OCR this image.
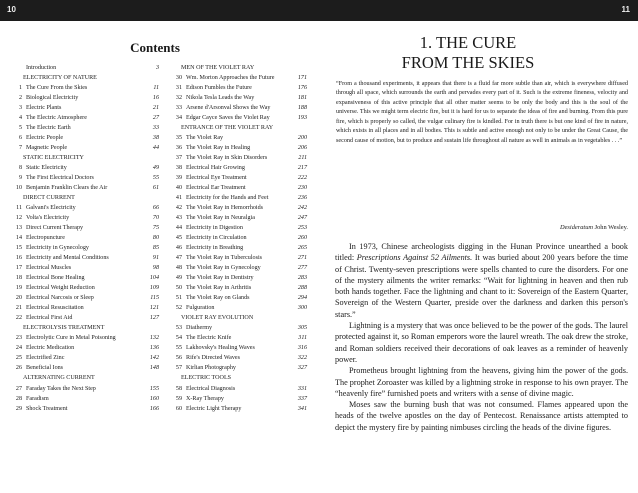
10	11
Contents
Introduction	3
ELECTRICITY OF NATURE
1 The Cure From the Skies	11
2 Biological Electricity	16
3 Electric Plants	21
4 The Electric Atmosphere	27
5 The Electric Earth	33
6 Electric People	38
7 Magnetic People	44
STATIC ELECTRICITY
8 Static Electricity	49
9 The First Electrical Doctors	55
10 Benjamin Franklin Clears the Air	61
DIRECT CURRENT
11 Galvani's Electricity	66
12 Volta's Electricity	70
13 Direct Current Therapy	75
14 Electropuncture	80
15 Electricity in Gynecology	85
16 Electricity and Mental Conditions	91
17 Electrical Muscles	98
18 Electrical Bone Healing	104
19 Electrical Weight Reduction	109
20 Electrical Narcosis or Sleep	115
21 Electrical Resuscitation	121
22 Electrical First Aid	127
ELECTROLYSIS TREATMENT
23 Electrolytic Cure in Metal Poisoning	132
24 Electric Medication	136
25 Electrified Zinc	142
26 Beneficial Ions	148
ALTERNATING CURRENT
27 Faraday Takes the Next Step	155
28 Faradism	160
29 Shock Treatment	166
MEN OF THE VIOLET RAY
30 Wm. Morton Approaches the Future	171
31 Edison Fumbles the Future	176
32 Nikola Tesla Leads the Way	181
33 Arsene d'Arsonval Shows the Way	188
34 Edgar Cayce Saves the Violet Ray	193
ENTRANCE OF THE VIOLET RAY
35 The Violet Ray	200
36 The Violet Ray in Healing	206
37 The Violet Ray in Skin Disorders	211
38 Electrical Hair Growing	217
39 Electrical Eye Treatment	222
40 Electrical Ear Treatment	230
41 Electricity for the Hands and Feet	236
42 The Violet Ray in Hemorrhoids	242
43 The Violet Ray in Neuralgia	247
44 Electricity in Digestion	253
45 Electricity in Circulation	260
46 Electricity in Breathing	265
47 The Violet Ray in Tuberculosis	271
48 The Violet Ray in Gynecology	277
49 The Violet Ray in Dentistry	283
50 The Violet Ray in Arthritis	288
51 The Violet Ray on Glands	294
52 Fulguration	300
VIOLET RAY EVOLUTION
53 Diathermy	305
54 The Electric Knife	311
55 Lakhovsky's Healing Waves	316
56 Rife's Directed Waves	322
57 Kirlian Photography	327
ELECTRIC TOOLS
58 Electrical Diagnosis	331
59 X-Ray Therapy	337
60 Electric Light Therapy	341
1. THE CURE
FROM THE SKIES
“From a thousand experiments, it appears that there is a fluid far more subtle than air, which is everywhere diffused through all space, which surrounds the earth and pervades every part of it. Such is the extreme fineness, velocity and expansiveness of this active principle that all other matter seems to be only the body and this is the soul of the universe. This we might term electric fire, but it is hard for us to separate the ideas of fire and burning. From this pure fire, which is properly so called, the vulgar culinary fire is kindled. For in truth there is but one kind of fire in nature, which exists in all places and in all bodies. This is subtle and active enough not only to be under the Great Cause, the second cause of motion, but to produce and sustain life throughout all nature as well in animals as in vegetables . . .”
Desideratum John Wesley.

In 1973, Chinese archeologists digging in the Hunan Province unearthed a book titled: Prescriptions Against 52 Ailments. It was buried about 200 years before the time of Christ. Twenty-seven prescriptions were spells chanted to cure the disorders. For one of the mystery ailments the writer remarks: “Wait for lightning in heaven and then rub both hands together. Face the lightning and chant to it: Sovereign of the Eastern Quarter, Sovereign of the Western Quarter, preside over the darkness and darken this person's stars.”

Lightning is a mystery that was once believed to be the power of the gods. The laurel protected against it, so Roman emperors wore the laurel wreath. The oak drew the stroke, and Roman soldiers received their decorations of oak leaves as a reminder of heavenly power.

Prometheus brought lightning from the heavens, giving him the power of the gods. The prophet Zoroaster was killed by a lightning stroke in response to his own prayer. The “heavenly fire” furnished poets and writers with a sense of divine magic.

Moses saw the burning bush that was not consumed. Flames appeared upon the heads of the twelve apostles on the day of Pentecost. Renaissance artists attempted to depict the mystery fire by painting nimbuses circling the heads of the divine figures.
